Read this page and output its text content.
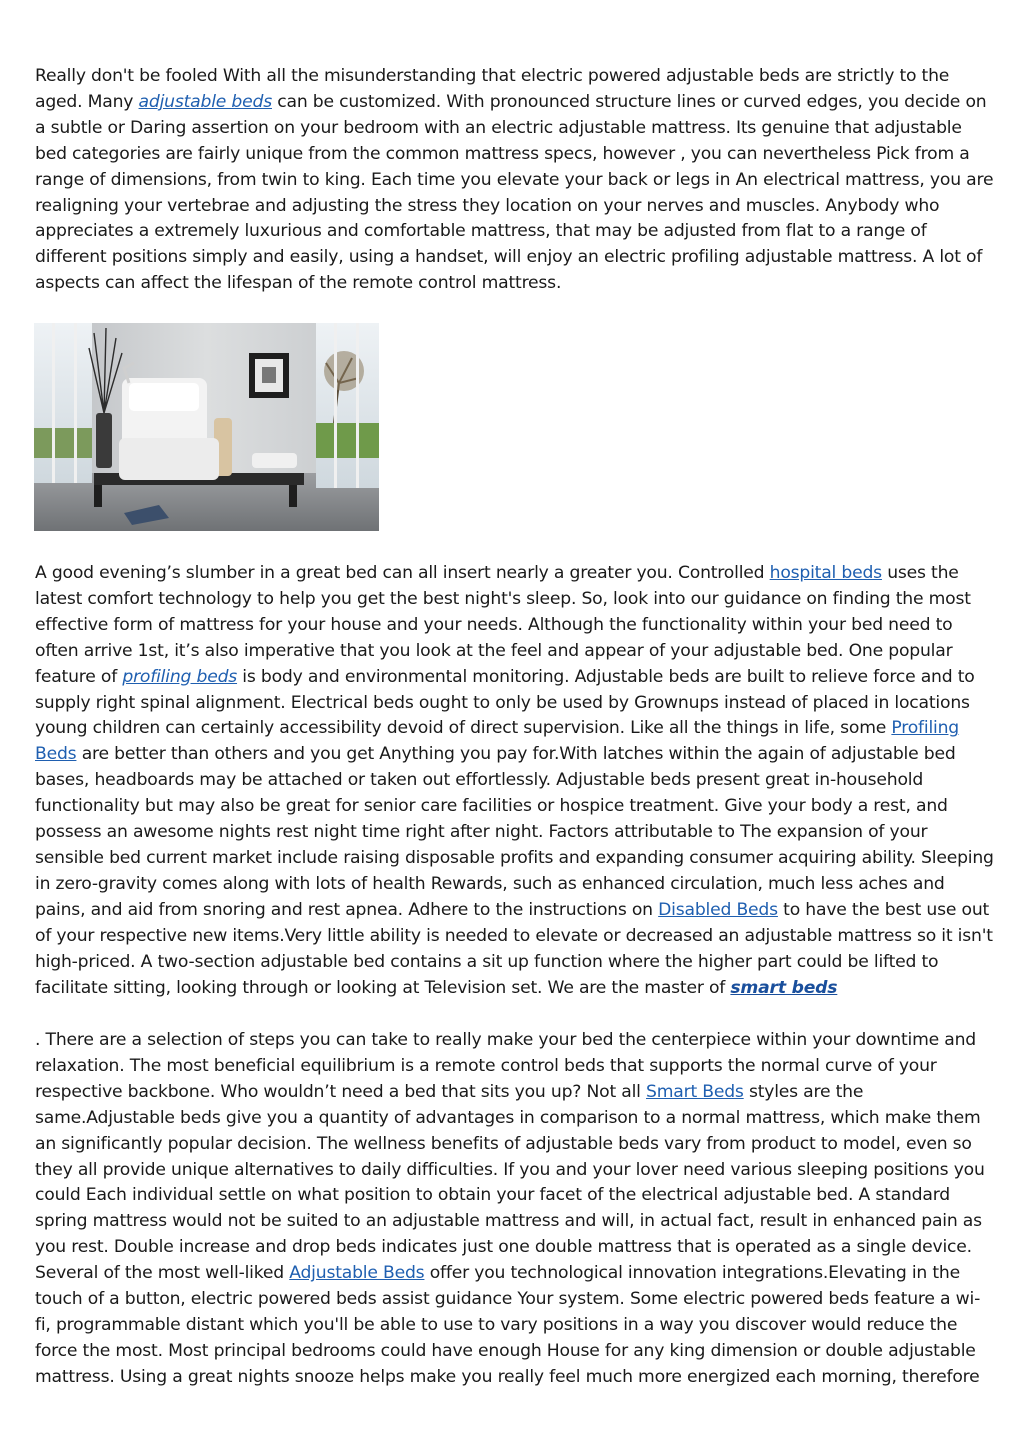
Really don't be fooled With all the misunderstanding that electric powered adjustable beds are strictly to the aged. Many adjustable beds can be customized. With pronounced structure lines or curved edges, you decide on a subtle or Daring assertion on your bedroom with an electric adjustable mattress. Its genuine that adjustable bed categories are fairly unique from the common mattress specs, however , you can nevertheless Pick from a range of dimensions, from twin to king. Each time you elevate your back or legs in An electrical mattress, you are realigning your vertebrae and adjusting the stress they location on your nerves and muscles. Anybody who appreciates a extremely luxurious and comfortable mattress, that may be adjusted from flat to a range of different positions simply and easily, using a handset, will enjoy an electric profiling adjustable mattress. A lot of aspects can affect the lifespan of the remote control mattress.

A good evening’s slumber in a great bed can all insert nearly a greater you. Controlled hospital beds uses the latest comfort technology to help you get the best night's sleep. So, look into our guidance on finding the most effective form of mattress for your house and your needs. Although the functionality within your bed need to often arrive 1st, it’s also imperative that you look at the feel and appear of your adjustable bed. One popular feature of profiling beds is body and environmental monitoring. Adjustable beds are built to relieve force and to supply right spinal alignment. Electrical beds ought to only be used by Grownups instead of placed in locations young children can certainly accessibility devoid of direct supervision. Like all the things in life, some Profiling Beds are better than others and you get Anything you pay for.With latches within the again of adjustable bed bases, headboards may be attached or taken out effortlessly. Adjustable beds present great in-household functionality but may also be great for senior care facilities or hospice treatment. Give your body a rest, and possess an awesome nights rest night time right after night. Factors attributable to The expansion of your sensible bed current market include raising disposable profits and expanding consumer acquiring ability. Sleeping in zero-gravity comes along with lots of health Rewards, such as enhanced circulation, much less aches and pains, and aid from snoring and rest apnea. Adhere to the instructions on Disabled Beds to have the best use out of your respective new items.Very little ability is needed to elevate or decreased an adjustable mattress so it isn't high-priced. A two-section adjustable bed contains a sit up function where the higher part could be lifted to facilitate sitting, looking through or looking at Television set. We are the master of smart beds

. There are a selection of steps you can take to really make your bed the centerpiece within your downtime and relaxation. The most beneficial equilibrium is a remote control beds that supports the normal curve of your respective backbone. Who wouldn’t need a bed that sits you up? Not all Smart Beds styles are the same.Adjustable beds give you a quantity of advantages in comparison to a normal mattress, which make them an significantly popular decision. The wellness benefits of adjustable beds vary from product to model, even so they all provide unique alternatives to daily difficulties. If you and your lover need various sleeping positions you could Each individual settle on what position to obtain your facet of the electrical adjustable bed. A standard spring mattress would not be suited to an adjustable mattress and will, in actual fact, result in enhanced pain as you rest. Double increase and drop beds indicates just one double mattress that is operated as a single device. Several of the most well-liked Adjustable Beds offer you technological innovation integrations.Elevating in the touch of a button, electric powered beds assist guidance Your system. Some electric powered beds feature a wi-fi, programmable distant which you'll be able to use to vary positions in a way you discover would reduce the force the most. Most principal bedrooms could have enough House for any king dimension or double adjustable mattress. Using a great nights snooze helps make you really feel much more energized each morning, therefore
